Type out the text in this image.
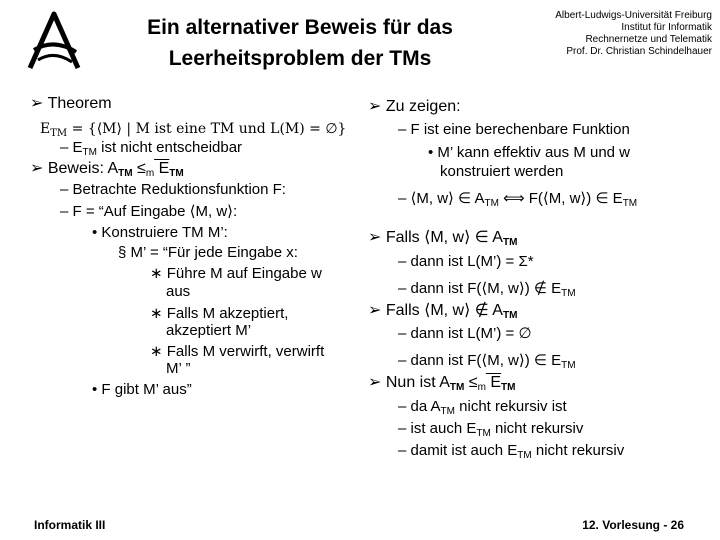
Ein alternativer Beweis für das
Leerheitsproblem der TMs
Albert-Ludwigs-Universität Freiburg
Institut für Informatik
Rechnernetze und Telematik
Prof. Dr. Christian Schindelhauer
➢ Theorem
$E_{TM}$ = {⟨M⟩ | M ist eine TM und L(M) = ∅}
– $E_{TM}$ ist nicht entscheidbar
➢ Beweis: ATM $\le_m$ ETM
– Betrachte Reduktionsfunktion F:
– F = “Auf Eingabe ⟨M, w⟩:
• Konstruiere TM M’:
§ M’ = “Für jede Eingabe x:
∗ Führe M auf Eingabe w
aus
∗ Falls M akzeptiert,
akzeptiert M’
∗ Falls M verwirft, verwirft
M’ ”
• F gibt M’ aus”
➢ Zu zeigen:
– F ist eine berechenbare Funktion
• M’ kann effektiv aus M und w
konstruiert werden
– ⟨M, w⟩ ∈ $A_{TM}$ ⟺ F(⟨M, w⟩) ∈ $E_{TM}$
➢ Falls ⟨M, w⟩ ∈ ATM
– dann ist L(M’) = Σ*
– dann ist F(⟨M, w⟩) ∉ $E_{TM}$
➢ Falls ⟨M, w⟩ ∉ ATM
– dann ist L(M’) = ∅
– dann ist F(⟨M, w⟩) ∈ $E_{TM}$
➢ Nun ist ATM $\le_m$ ETM
– da $A_{TM}$ nicht rekursiv ist
– ist auch $E_{TM}$ nicht rekursiv
– damit ist auch $E_{TM}$ nicht rekursiv
Informatik III	12. Vorlesung - 26
